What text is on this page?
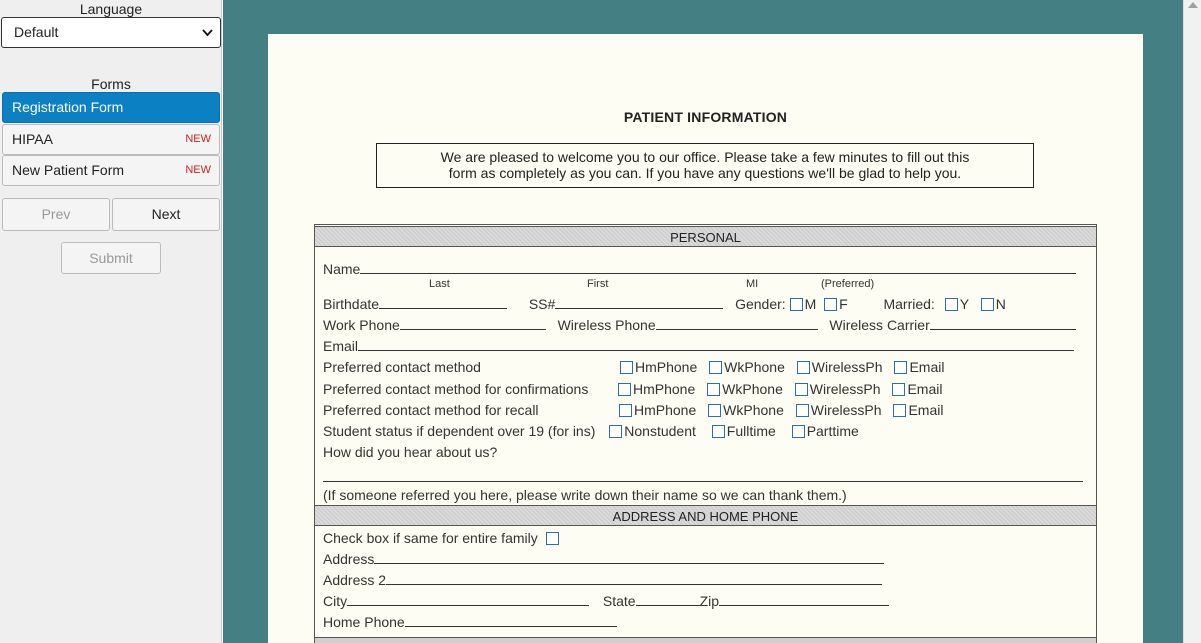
Language
Default
Forms
Registration Form
HIPAA	NEW
New Patient Form	NEW
Prev	Next
Submit
PATIENT INFORMATION
We are pleased to welcome you to our office. Please take a few minutes to fill out this
form as completely as you can. If you have any questions we'll be glad to help you.
PERSONAL
Name
Last	First	MI	(Preferred)
Birthdate	SS#	Gender: M F	Married: Y N
Work Phone	Wireless Phone	Wireless Carrier
Email
Preferred contact method	HmPhone WkPhone WirelessPh Email
Preferred contact method for confirmations	HmPhone WkPhone WirelessPh Email
Preferred contact method for recall	HmPhone WkPhone WirelessPh Email
Student status if dependent over 19 (for ins) Nonstudent Fulltime Parttime
How did you hear about us?
(If someone referred you here, please write down their name so we can thank them.)
ADDRESS AND HOME PHONE
Check box if same for entire family
Address
Address 2
City	State	Zip
Home Phone
